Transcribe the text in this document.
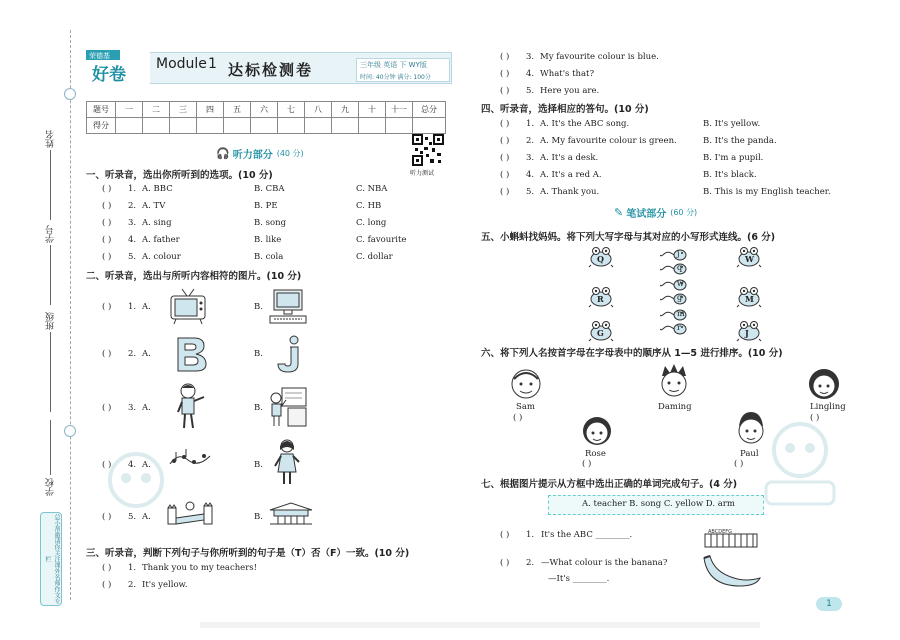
姓名
学号
班级
学校
总小帮邀请你关注课外名师作文专栏
荣德基
好卷
Module 1 达标检测卷	三年级 英语 下 WY版
时间: 40分钟 满分: 100分
题号	一	二	三	四	五	六	七	八	九	十	十一	总分
得分												
听力测试
🎧 听力部分 (40 分)
一、听录音，选出你所听到的选项。(10 分)
( ) 1. A. BBC	B. CBA	C. NBA
( ) 2. A. TV	B. PE	C. HB
( ) 3. A. sing	B. song	C. long
( ) 4. A. father	B. like	C. favourite
( ) 5. A. colour	B. cola	C. dollar
二、听录音，选出与所听内容相符的图片。(10 分)
( ) 1. A.	B.
( ) 2. A.	B.
( ) 3. A.	B.
( ) 4. A.	B.
( ) 5. A.	B.
三、听录音，判断下列句子与你所听到的句子是（T）否（F）一致。(10 分)
( ) 1. Thank you to my teachers!
( ) 2. It's yellow.
( ) 3. My favourite colour is blue.
( ) 4. What's that?
( ) 5. Here you are.
四、听录音，选择相应的答句。(10 分)
( ) 1. A. It's the ABC song.	B. It's yellow.
( ) 2. A. My favourite colour is green.	B. It's the panda.
( ) 3. A. It's a desk.	B. I'm a pupil.
( ) 4. A. It's a red A.	B. It's black.
( ) 5. A. Thank you.	B. This is my English teacher.
✎ 笔试部分 (60 分)
五、小蝌蚪找妈妈。将下列大写字母与其对应的小写形式连线。(6 分)
Q
R
G
W
M
J
j
q
w
g
m
r
六、将下列人名按首字母在字母表中的顺序从 1—5 进行排序。(10 分)
Sam
( )
Daming	Lingling
( )
Rose
( )
Paul
( )
七、根据图片提示从方框中选出正确的单词完成句子。(4 分)
A. teacher B. song C. yellow D. arm
( ) 1. It's the ABC ________.
( ) 2. —What colour is the banana?
—It's ________.
ABCDEFG
1
